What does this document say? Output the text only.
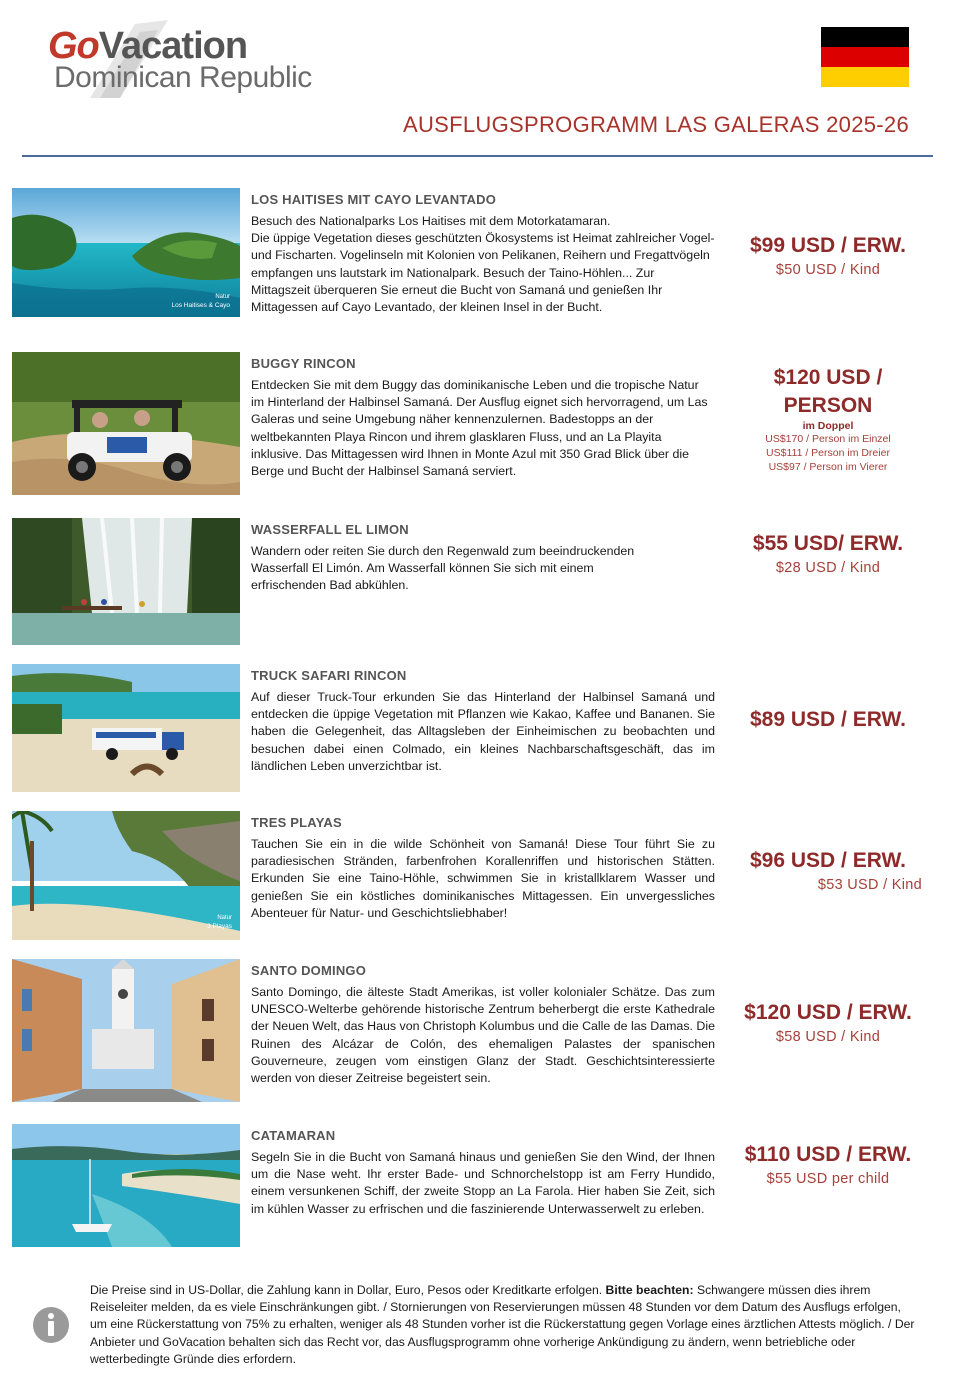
GoVacation
Dominican Republic
AUSFLUGSPROGRAMM LAS GALERAS 2025-26
Natur
Los Haitises & Cayo
LOS HAITISES MIT CAYO LEVANTADO
Besuch des Nationalparks Los Haitises mit dem Motorkatamaran.
Die üppige Vegetation dieses geschützten Ökosystems ist Heimat zahlreicher Vogel- und Fischarten. Vogelinseln mit Kolonien von Pelikanen, Reihern und Fregattvögeln empfangen uns lautstark im Nationalpark. Besuch der Taino-Höhlen... Zur Mittagszeit überqueren Sie erneut die Bucht von Samaná und genießen Ihr Mittagessen auf Cayo Levantado, der kleinen Insel in der Bucht.
$99 USD / ERW.
$50 USD / Kind
BUGGY RINCON
Entdecken Sie mit dem Buggy das dominikanische Leben und die tropische Natur im Hinterland der Halbinsel Samaná. Der Ausflug eignet sich hervorragend, um Las Galeras und seine Umgebung näher kennenzulernen. Badestopps an der weltbekannten Playa Rincon und ihrem glasklaren Fluss, und an La Playita inklusive. Das Mittagessen wird Ihnen in Monte Azul mit 350 Grad Blick über die Berge und Bucht der Halbinsel Samaná serviert.
$120 USD /
PERSON
im Doppel
US$170 / Person im Einzel
US$111 / Person im Dreier
US$97 / Person im Vierer
WASSERFALL EL LIMON
Wandern oder reiten Sie durch den Regenwald zum beeindruckenden Wasserfall El Limón. Am Wasserfall können Sie sich mit einem erfrischenden Bad abkühlen.
$55 USD/ ERW.
$28 USD / Kind
TRUCK SAFARI RINCON
Auf dieser Truck-Tour erkunden Sie das Hinterland der Halbinsel Samaná und entdecken die üppige Vegetation mit Pflanzen wie Kakao, Kaffee und Bananen. Sie haben die Gelegenheit, das Alltagsleben der Einheimischen zu beobachten und besuchen dabei einen Colmado, ein kleines Nachbarschaftsgeschäft, das im ländlichen Leben unverzichtbar ist.
$89 USD / ERW.
Natur
3 Playas
TRES PLAYAS
Tauchen Sie ein in die wilde Schönheit von Samaná! Diese Tour führt Sie zu paradiesischen Stränden, farbenfrohen Korallenriffen und historischen Stätten. Erkunden Sie eine Taino-Höhle, schwimmen Sie in kristallklarem Wasser und genießen Sie ein köstliches dominikanisches Mittagessen. Ein unvergessliches Abenteuer für Natur- und Geschichtsliebhaber!
$96 USD / ERW.
$53 USD / Kind
SANTO DOMINGO
Santo Domingo, die älteste Stadt Amerikas, ist voller kolonialer Schätze. Das zum UNESCO-Welterbe gehörende historische Zentrum beherbergt die erste Kathedrale der Neuen Welt, das Haus von Christoph Kolumbus und die Calle de las Damas. Die Ruinen des Alcázar de Colón, des ehemaligen Palastes der spanischen Gouverneure, zeugen vom einstigen Glanz der Stadt. Geschichtsinteressierte werden von dieser Zeitreise begeistert sein.
$120 USD / ERW.
$58 USD / Kind
CATAMARAN
Segeln Sie in die Bucht von Samaná hinaus und genießen Sie den Wind, der Ihnen um die Nase weht. Ihr erster Bade- und Schnorchelstopp ist am Ferry Hundido, einem versunkenen Schiff, der zweite Stopp an La Farola. Hier haben Sie Zeit, sich im kühlen Wasser zu erfrischen und die faszinierende Unterwasserwelt zu erleben.
$110 USD / ERW.
$55 USD per child
Die Preise sind in US-Dollar, die Zahlung kann in Dollar, Euro, Pesos oder Kreditkarte erfolgen. Bitte beachten: Schwangere müssen dies ihrem Reiseleiter melden, da es viele Einschränkungen gibt. / Stornierungen von Reservierungen müssen 48 Stunden vor dem Datum des Ausflugs erfolgen, um eine Rückerstattung von 75% zu erhalten, weniger als 48 Stunden vorher ist die Rückerstattung gegen Vorlage eines ärztlichen Attests möglich. / Der Anbieter und GoVacation behalten sich das Recht vor, das Ausflugsprogramm ohne vorherige Ankündigung zu ändern, wenn betriebliche oder wetterbedingte Gründe dies erfordern.
